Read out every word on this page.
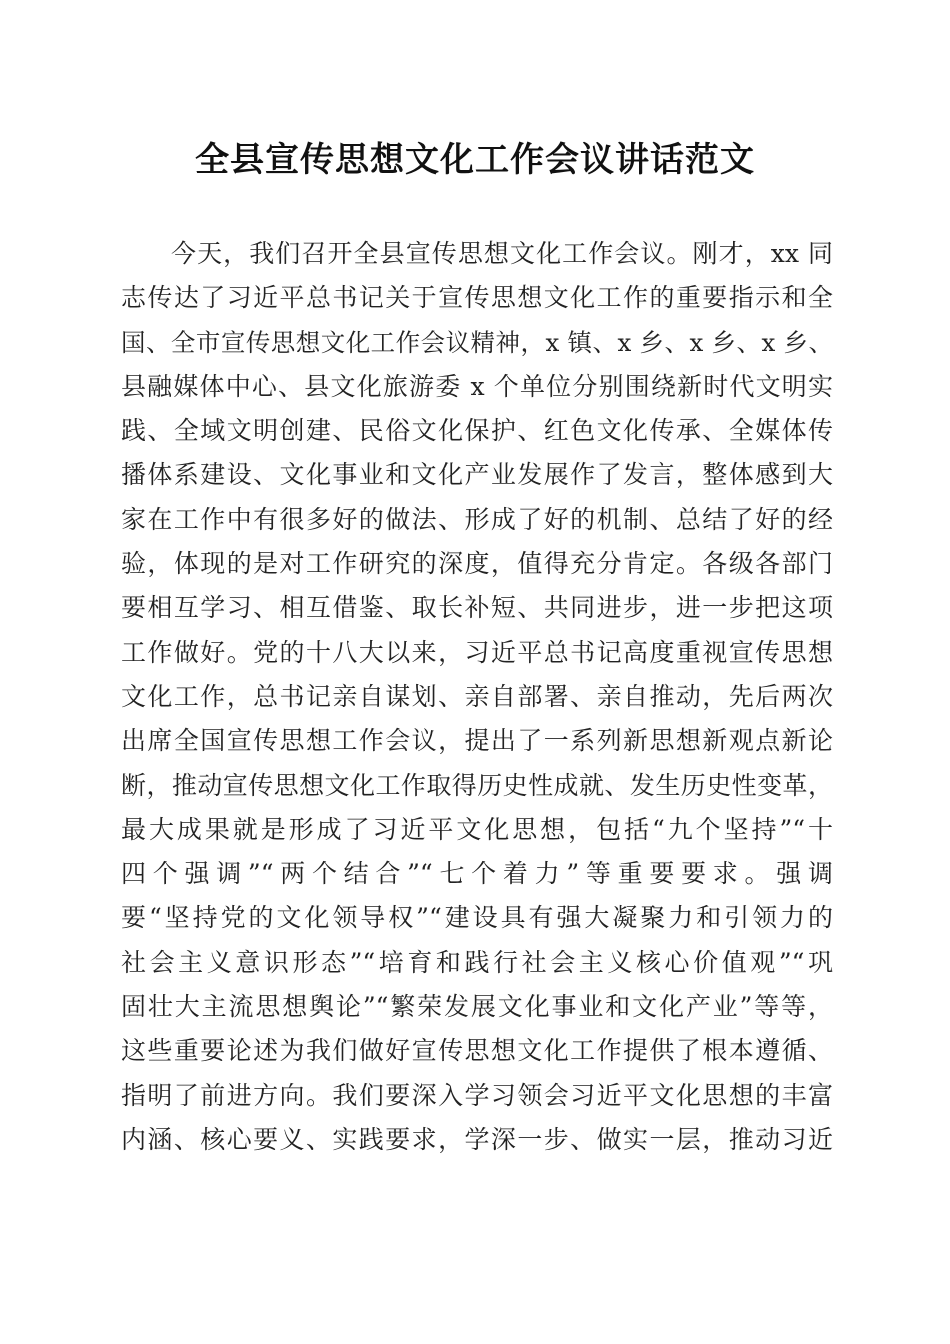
全县宣传思想文化工作会议讲话范文
今天，我们召开全县宣传思想文化工作会议。刚才，xx 同
志传达了习近平总书记关于宣传思想文化工作的重要指示和全
国、全市宣传思想文化工作会议精神，x 镇、x 乡、x 乡、x 乡、
县融媒体中心、县文化旅游委 x 个单位分别围绕新时代文明实
践、全域文明创建、民俗文化保护、红色文化传承、全媒体传
播体系建设、文化事业和文化产业发展作了发言，整体感到大
家在工作中有很多好的做法、形成了好的机制、总结了好的经
验，体现的是对工作研究的深度，值得充分肯定。各级各部门
要相互学习、相互借鉴、取长补短、共同进步，进一步把这项
工作做好。党的十八大以来，习近平总书记高度重视宣传思想
文化工作，总书记亲自谋划、亲自部署、亲自推动，先后两次
出席全国宣传思想工作会议，提出了一系列新思想新观点新论
断，推动宣传思想文化工作取得历史性成就、发生历史性变革，
最大成果就是形成了习近平文化思想，包括“九个坚持”“十
四个强调”“两个结合”“七个着力”等重要要求。强调
要“坚持党的文化领导权”“建设具有强大凝聚力和引领力的
社会主义意识形态”“培育和践行社会主义核心价值观”“巩
固壮大主流思想舆论”“繁荣发展文化事业和文化产业”等等，
这些重要论述为我们做好宣传思想文化工作提供了根本遵循、
指明了前进方向。我们要深入学习领会习近平文化思想的丰富
内涵、核心要义、实践要求，学深一步、做实一层，推动习近
